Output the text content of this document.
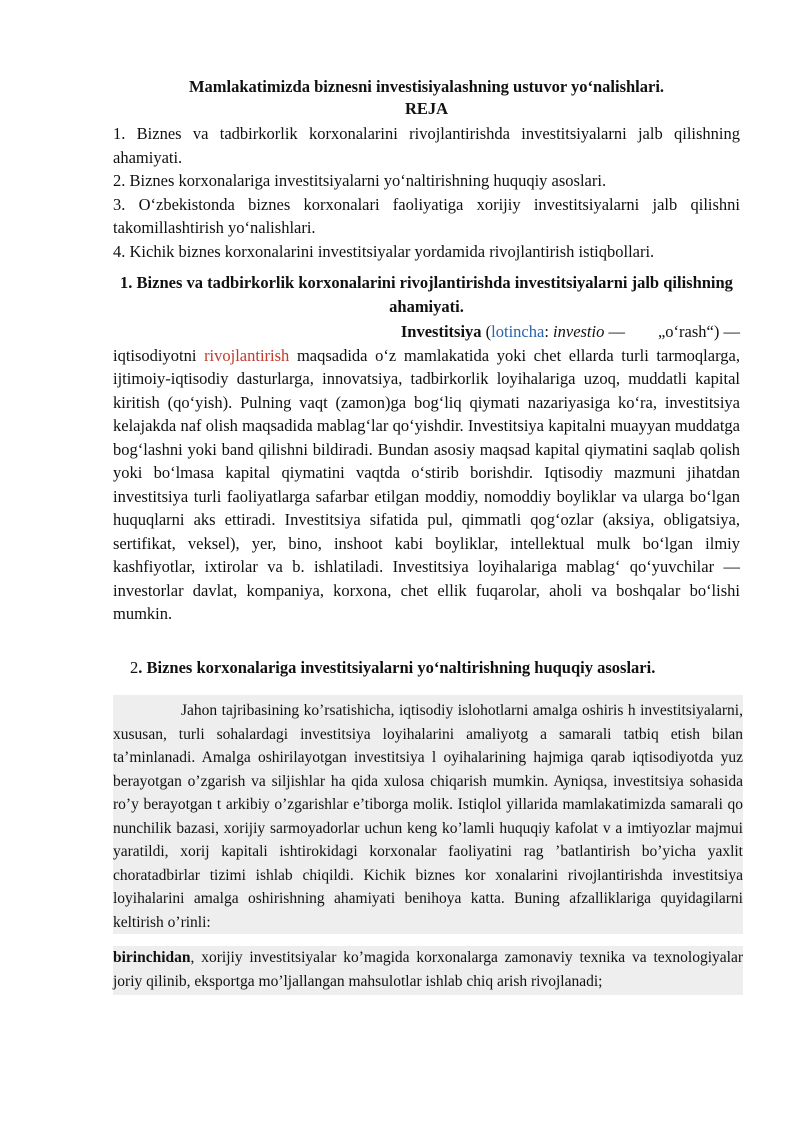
Mamlakatimizda biznesni investisiyalashning ustuvor yo‘nalishlari.
REJA

1. Biznes va tadbirkorlik korxonalarini rivojlantirishda investitsiyalarni jalb qilishning ahamiyati.

2. Biznes korxonalariga investitsiyalarni yo‘naltirishning huquqiy asoslari.

3. O‘zbekistonda biznes korxonalari faoliyatiga xorijiy investitsiyalarni jalb qilishni takomillashtirish yo‘nalishlari.

4. Kichik biznes korxonalarini investitsiyalar yordamida rivojlantirish istiqbollari.

1. Biznes va tadbirkorlik korxonalarini rivojlantirishda investitsiyalarni jalb qilishning ahamiyati.
Investitsiya (lotincha: investio —        „o‘rash“) —
iqtisodiyotni rivojlantirish maqsadida o‘z mamlakatida yoki chet ellarda turli tarmoqlarga, ijtimoiy-iqtisodiy dasturlarga, innovatsiya, tadbirkorlik loyihalariga uzoq, muddatli kapital kiritish (qo‘yish). Pulning vaqt (zamon)ga bog‘liq qiymati nazariyasiga ko‘ra, investitsiya kelajakda naf olish maqsadida mablag‘lar qo‘yishdir. Investitsiya kapitalni muayyan muddatga bog‘lashni yoki band qilishni bildiradi. Bundan asosiy maqsad kapital qiymatini saqlab qolish yoki bo‘lmasa kapital qiymatini vaqtda o‘stirib borishdir. Iqtisodiy mazmuni jihatdan investitsiya turli faoliyatlarga safarbar etilgan moddiy, nomoddiy boyliklar va ularga bo‘lgan huquqlarni aks ettiradi. Investitsiya sifatida pul, qimmatli qog‘ozlar (aksiya, obligatsiya, sertifikat, veksel), yer, bino, inshoot kabi boyliklar, intellektual mulk bo‘lgan ilmiy kashfiyotlar, ixtirolar va b. ishlatiladi. Investitsiya loyihalariga mablag‘ qo‘yuvchilar — investorlar davlat, kompaniya, korxona, chet ellik fuqarolar, aholi va boshqalar bo‘lishi mumkin.
2. Biznes korxonalariga investitsiyalarni yo‘naltirishning huquqiy asoslari.
Jahon tajribasining ko’rsatishicha, iqtisodiy islohotlarni amalga oshiris h investitsiyalarni, xususan, turli sohalardagi investitsiya loyihalarini amaliyotg a samarali tatbiq etish bilan ta’minlanadi. Amalga oshirilayotgan investitsiya l oyihalarining hajmiga qarab iqtisodiyotda yuz berayotgan o’zgarish va siljishlar ha qida xulosa chiqarish mumkin. Ayniqsa, investitsiya sohasida ro’y berayotgan t arkibiy o’zgarishlar e’tiborga molik. Istiqlol yillarida mamlakatimizda samarali qo nunchilik bazasi, xorijiy sarmoyadorlar uchun keng ko’lamli huquqiy kafolat v a imtiyozlar majmui yaratildi, xorij kapitali ishtirokidagi korxonalar faoliyatini rag ’batlantirish bo’yicha yaxlit choratadbirlar tizimi ishlab chiqildi. Kichik biznes kor xonalarini rivojlantirishda investitsiya loyihalarini amalga oshirishning ahamiyati benihoya katta. Buning afzalliklariga quyidagilarni keltirish o’rinli:
birinchidan, xorijiy investitsiyalar ko’magida korxonalarga zamonaviy texnika va texnologiyalar joriy qilinib, eksportga mo’ljallangan mahsulotlar ishlab chiq arish rivojlanadi;
